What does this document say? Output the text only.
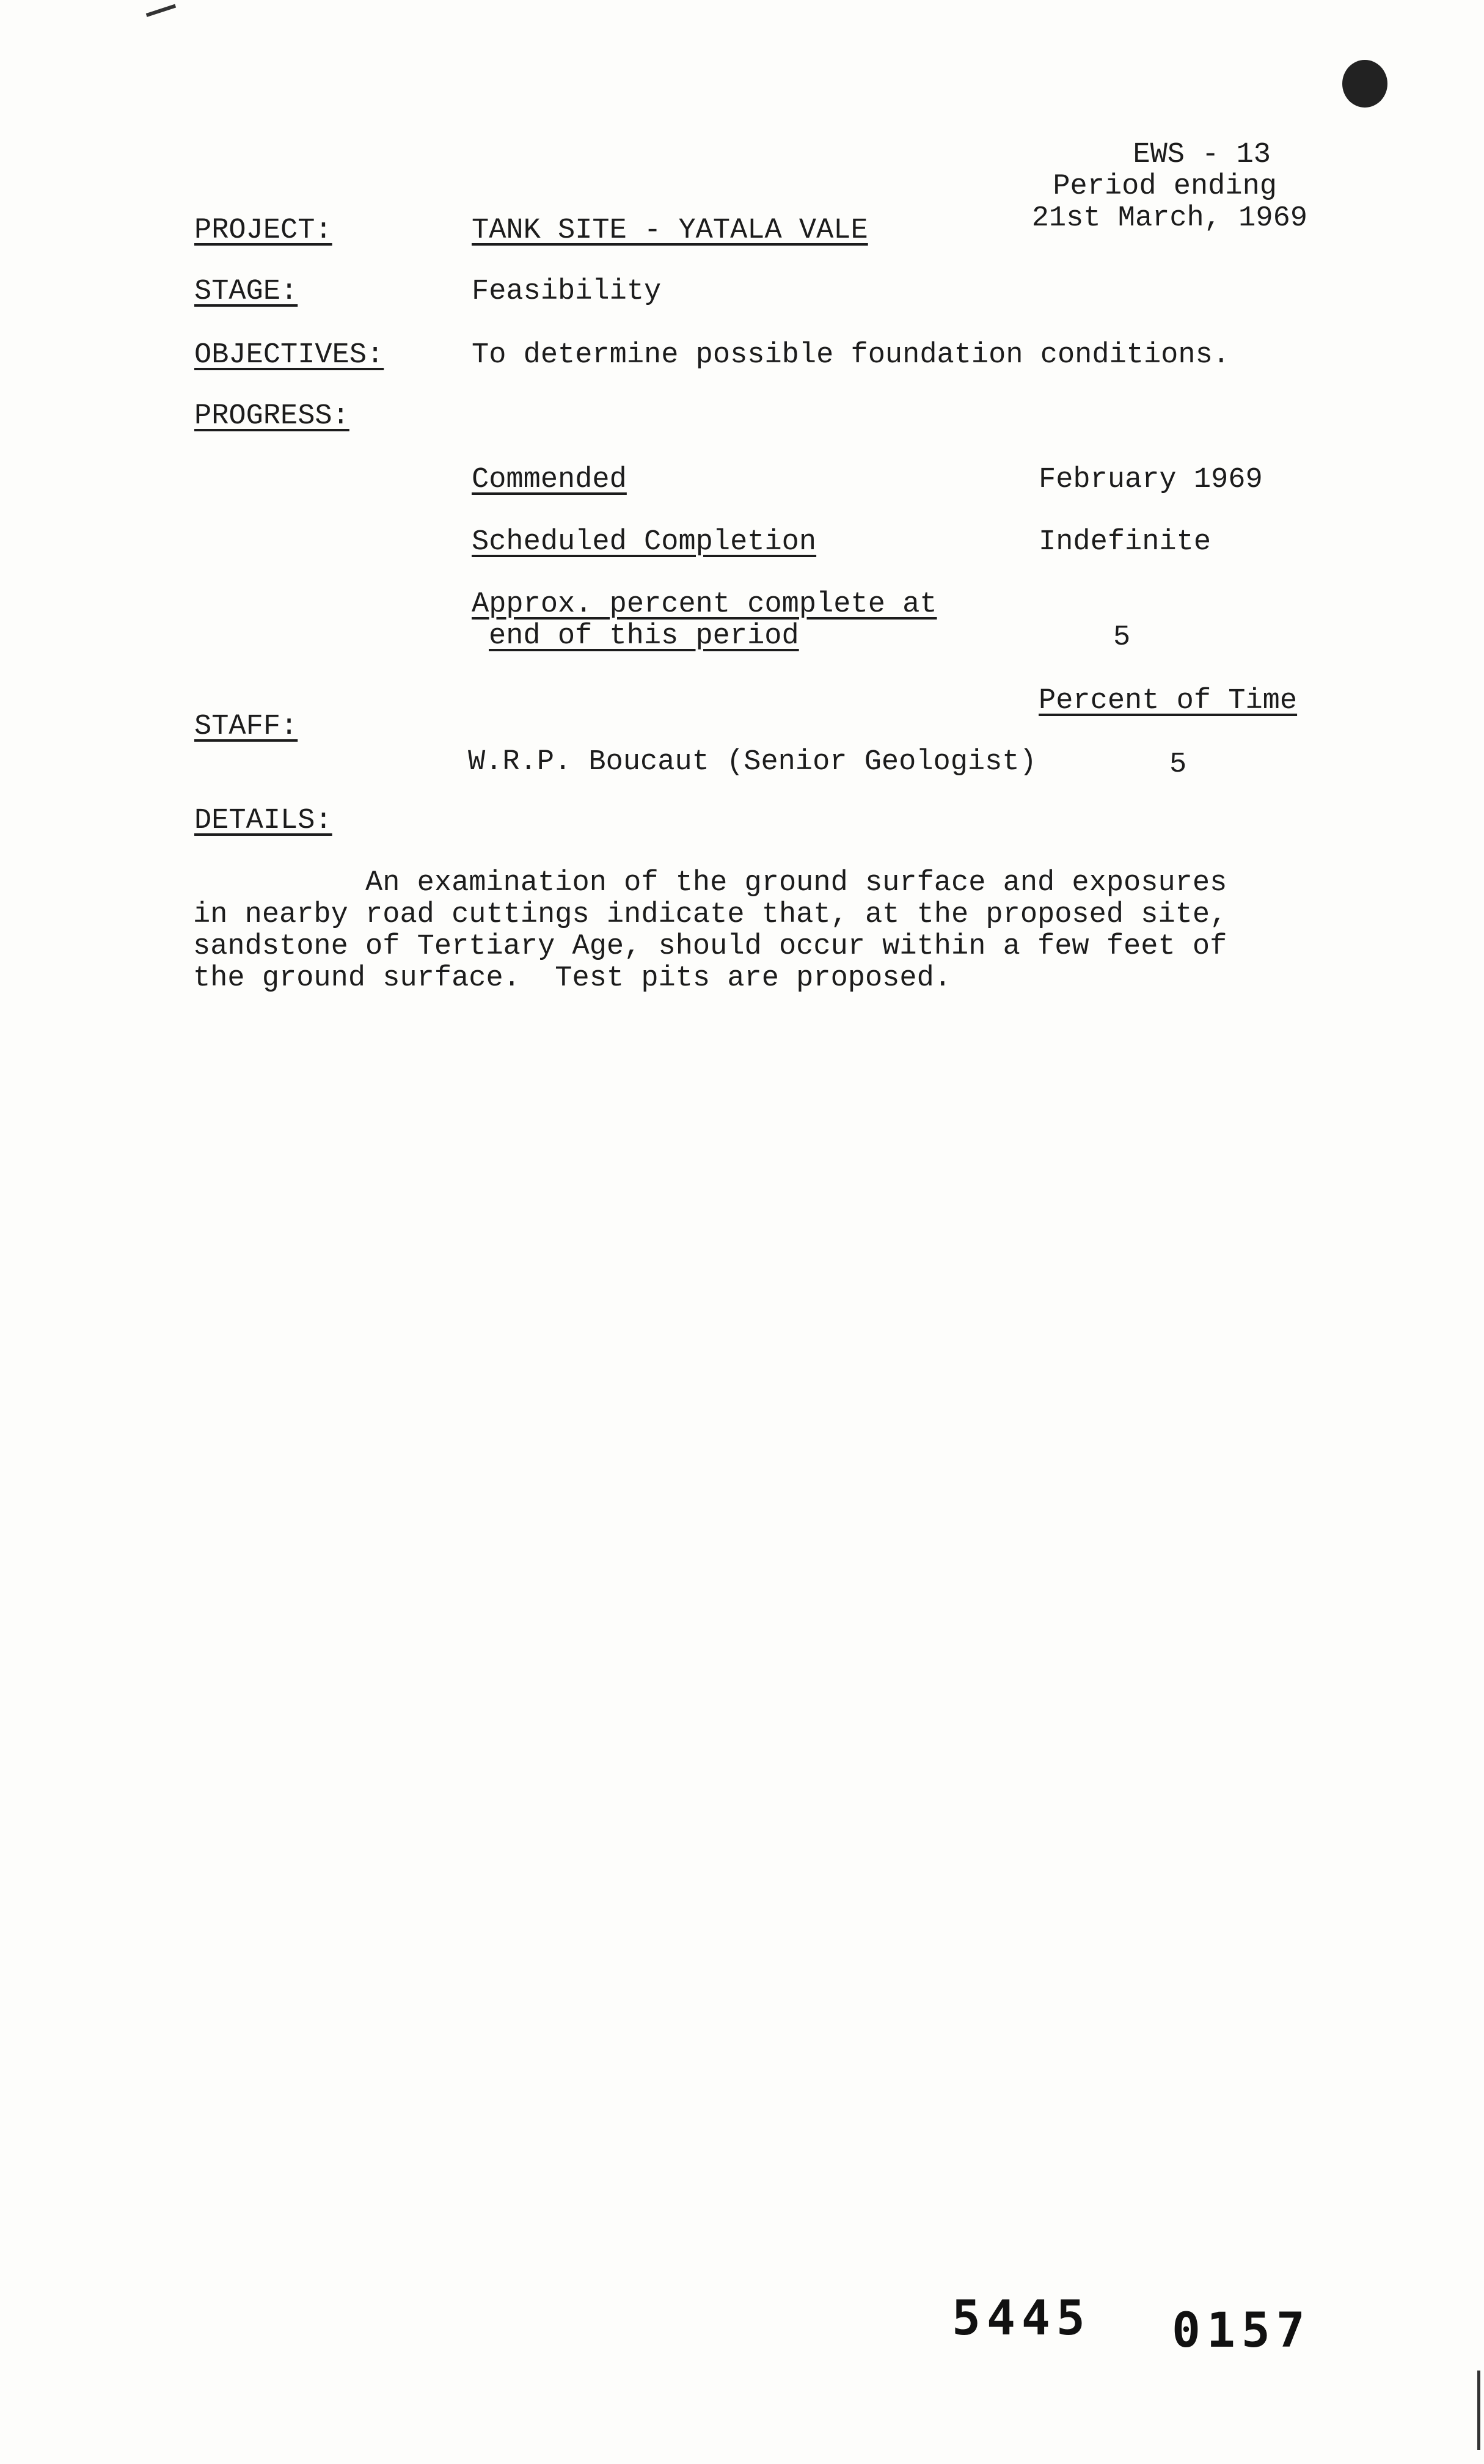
EWS - 13
Period ending
21st March, 1969
PROJECT:	TANK SITE - YATALA VALE
STAGE:	Feasibility
OBJECTIVES:	To determine possible foundation conditions.
PROGRESS:
Commended	February 1969
Scheduled Completion	Indefinite
Approx. percent complete at
end of this period	5
Percent of Time
STAFF:
W.R.P. Boucaut (Senior Geologist)	5
DETAILS:
An examination of the ground surface and exposures
in nearby road cuttings indicate that, at the proposed site,
sandstone of Tertiary Age, should occur within a few feet of
the ground surface.  Test pits are proposed.
5445 0157
